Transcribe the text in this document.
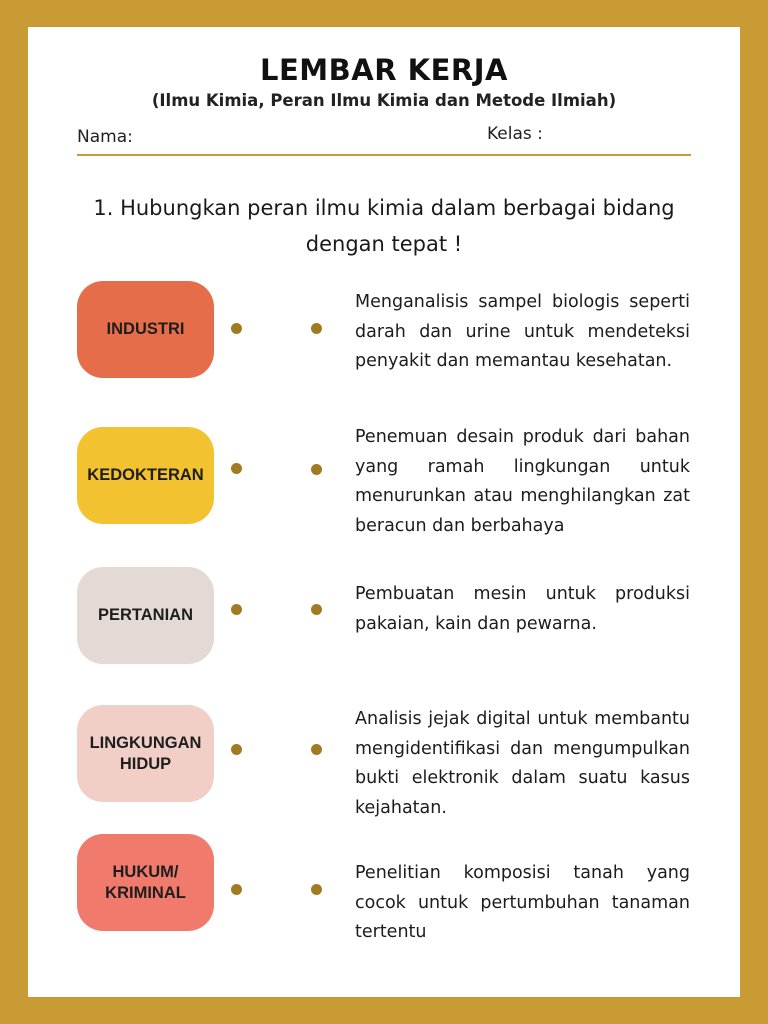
LEMBAR KERJA
(Ilmu Kimia, Peran Ilmu Kimia dan Metode Ilmiah)
Nama:	Kelas :
1. Hubungkan peran ilmu kimia dalam berbagai bidang dengan tepat !
INDUSTRI
Menganalisis sampel biologis seperti darah dan urine untuk mendeteksi penyakit dan memantau kesehatan.
KEDOKTERAN
Penemuan desain produk dari bahan yang ramah lingkungan untuk menurunkan atau menghilangkan zat beracun dan berbahaya
PERTANIAN
Pembuatan mesin untuk produksi pakaian, kain dan pewarna.
LINGKUNGAN HIDUP
Analisis jejak digital untuk membantu mengidentifikasi dan mengumpulkan bukti elektronik dalam suatu kasus kejahatan.
HUKUM/ KRIMINAL
Penelitian komposisi tanah yang cocok untuk pertumbuhan tanaman tertentu
